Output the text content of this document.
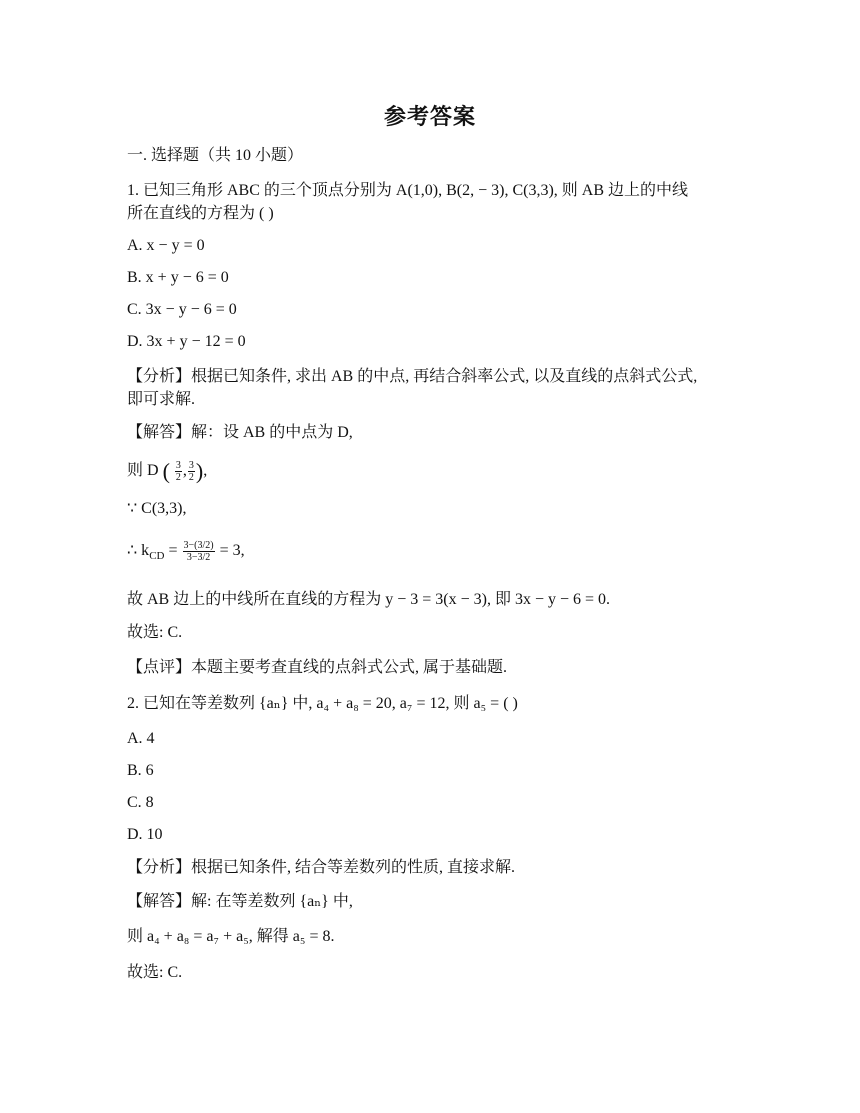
参考答案
一. 选择题（共 10 小题）
1. 已知三角形 ABC 的三个顶点分别为 A(1,0), B(2, − 3), C(3,3), 则 AB 边上的中线
所在直线的方程为 ( )
A. x − y = 0
B. x + y − 6 = 0
C. 3x − y − 6 = 0
D. 3x + y − 12 = 0
【分析】根据已知条件, 求出 AB 的中点, 再结合斜率公式, 以及直线的点斜式公式,
即可求解.
【解答】解：设 AB 的中点为 D,
则 D ( $\frac{3}{2}$ , $\frac{3}{2}$ ),
∵ C(3,3),
∴ $k_{CD} = \frac{3-(3/2)}{3-3/2} = 3$,
故 AB 边上的中线所在直线的方程为 y − 3 = 3(x − 3), 即 3x − y − 6 = 0.
故选: C.
【点评】本题主要考查直线的点斜式公式, 属于基础题.
2. 已知在等差数列 {aₙ} 中, a₄ + a₈ = 20, a₇ = 12, 则 a₅ = ( )
A. 4
B. 6
C. 8
D. 10
【分析】根据已知条件, 结合等差数列的性质, 直接求解.
【解答】解: 在等差数列 {aₙ} 中,
则 a₄ + a₈ = a₇ + a₅, 解得 a₅ = 8.
故选: C.
